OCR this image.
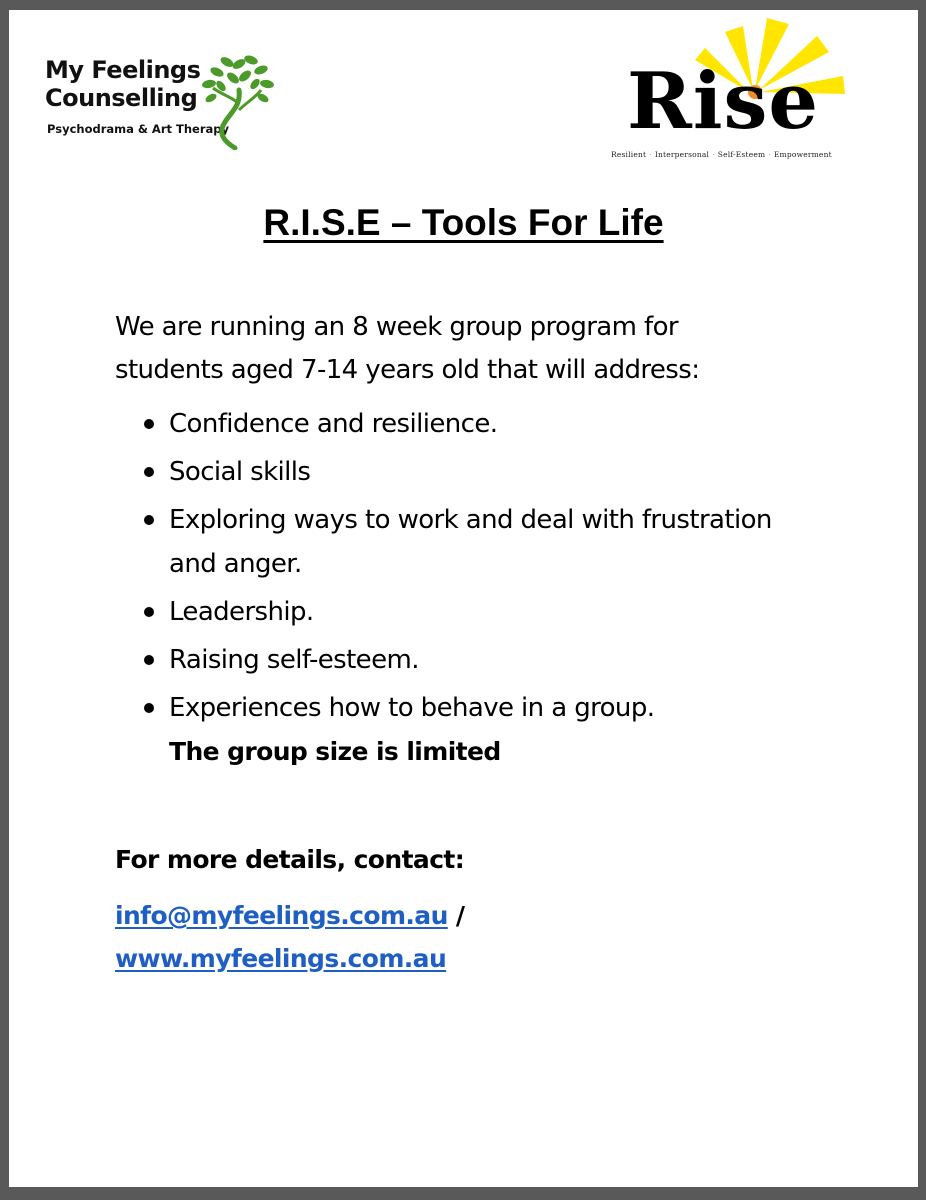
My Feelings
Counselling
Psychodrama & Art Therapy	Rise
Resilient · Interpersonal · Self-Esteem · Empowerment
R.I.S.E – Tools For Life
We are running an 8 week group program for
students aged 7-14 years old that will address:
Confidence and resilience.
Social skills
Exploring ways to work and deal with frustration and anger.
Leadership.
Raising self-esteem.
Experiences how to behave in a group.
The group size is limited
For more details, contact:
info@myfeelings.com.au /
www.myfeelings.com.au
